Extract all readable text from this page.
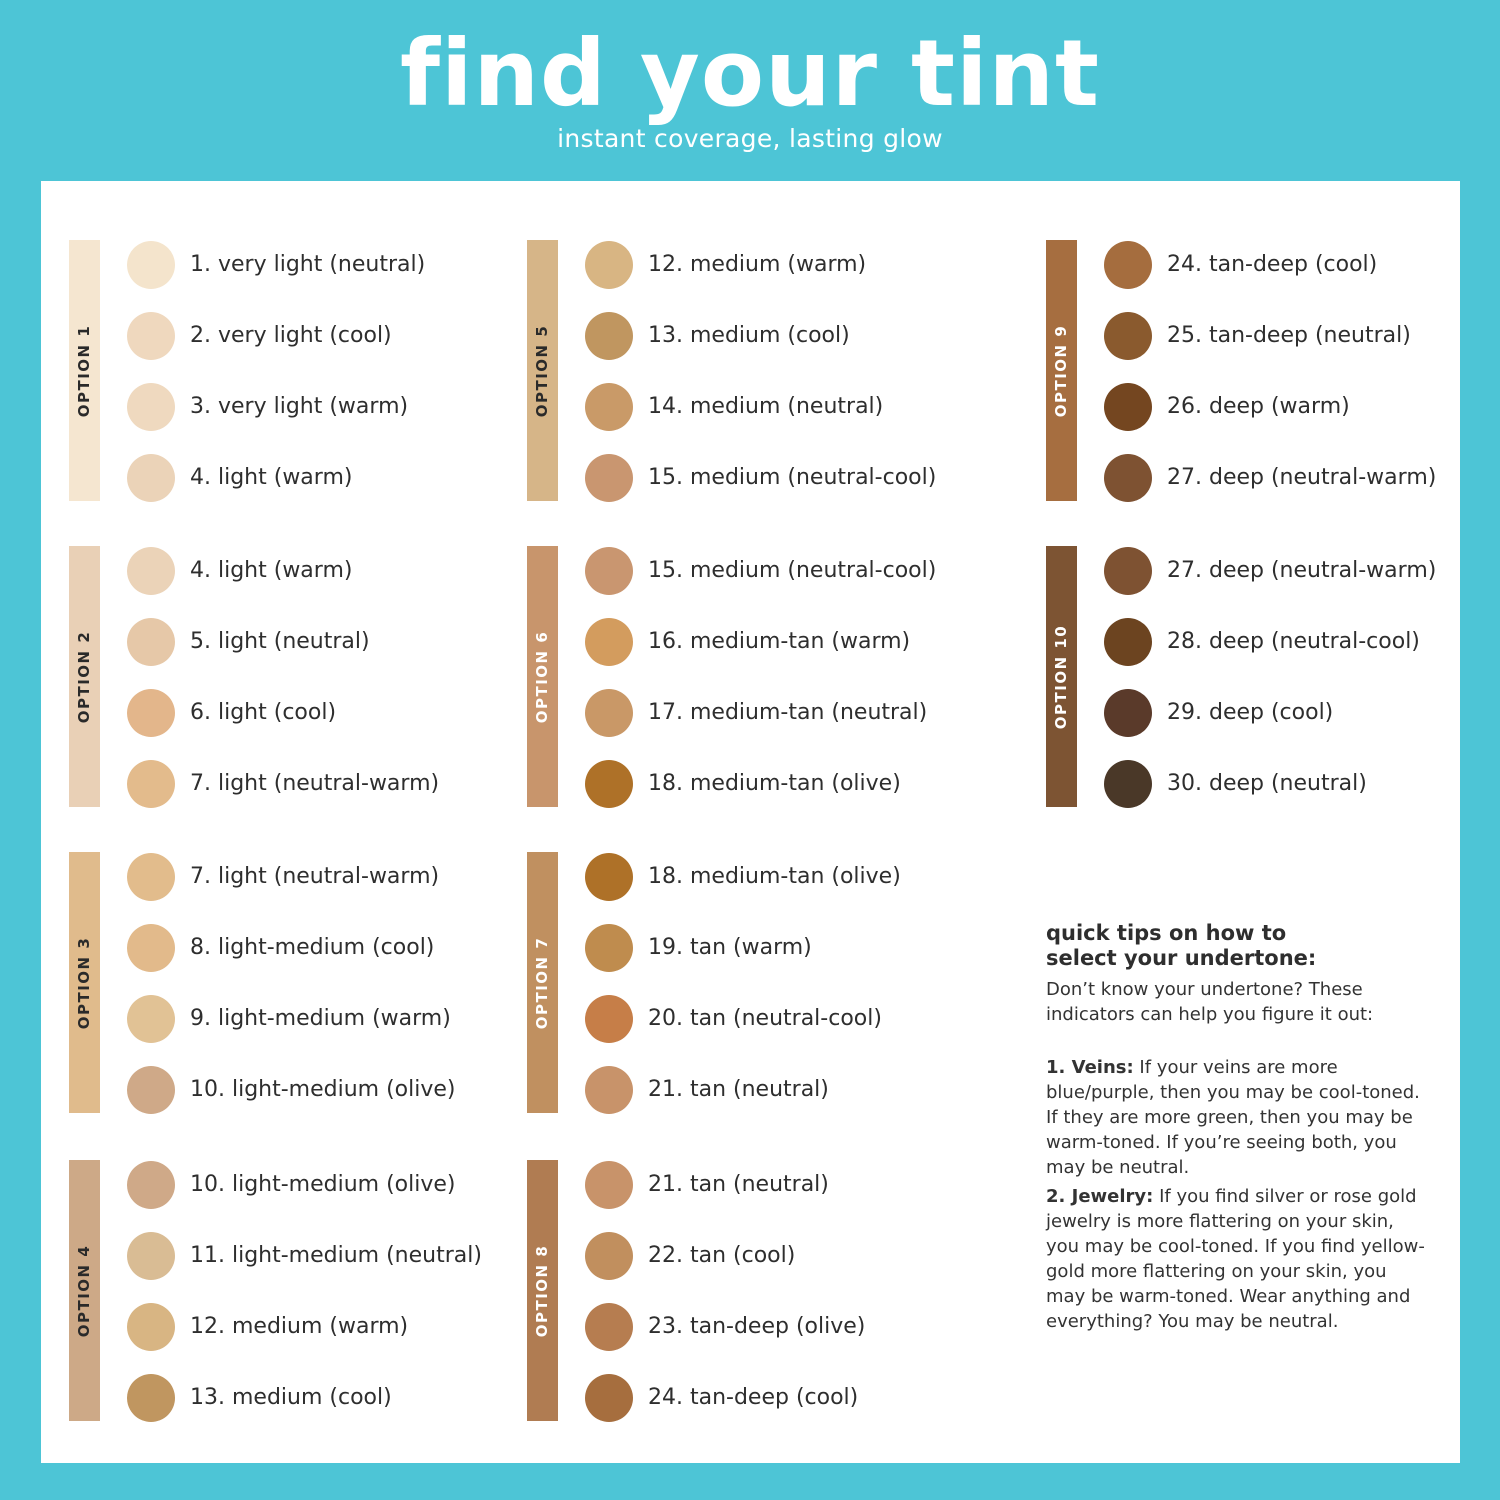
find your tint
instant coverage, lasting glow
OPTION 1
1. very light (neutral)
2. very light (cool)
3. very light (warm)
4. light (warm)
OPTION 2
4. light (warm)
5. light (neutral)
6. light (cool)
7. light (neutral-warm)
OPTION 3
7. light (neutral-warm)
8. light-medium (cool)
9. light-medium (warm)
10. light-medium (olive)
OPTION 4
10. light-medium (olive)
11. light-medium (neutral)
12. medium (warm)
13. medium (cool)
OPTION 5
12. medium (warm)
13. medium (cool)
14. medium (neutral)
15. medium (neutral-cool)
OPTION 6
15. medium (neutral-cool)
16. medium-tan (warm)
17. medium-tan (neutral)
18. medium-tan (olive)
OPTION 7
18. medium-tan (olive)
19. tan (warm)
20. tan (neutral-cool)
21. tan (neutral)
OPTION 8
21. tan (neutral)
22. tan (cool)
23. tan-deep (olive)
24. tan-deep (cool)
OPTION 9
24. tan-deep (cool)
25. tan-deep (neutral)
26. deep (warm)
27. deep (neutral-warm)
OPTION 10
27. deep (neutral-warm)
28. deep (neutral-cool)
29. deep (cool)
30. deep (neutral)
quick tips on how to
select your undertone:
Don’t know your undertone? These indicators can help you figure it out:
1. Veins: If your veins are more blue/purple, then you may be cool-toned. If they are more green, then you may be warm-toned. If you’re seeing both, you may be neutral.
2. Jewelry: If you find silver or rose gold jewelry is more flattering on your skin, you may be cool-toned. If you find yellow-gold more flattering on your skin, you may be warm-toned. Wear anything and everything? You may be neutral.
